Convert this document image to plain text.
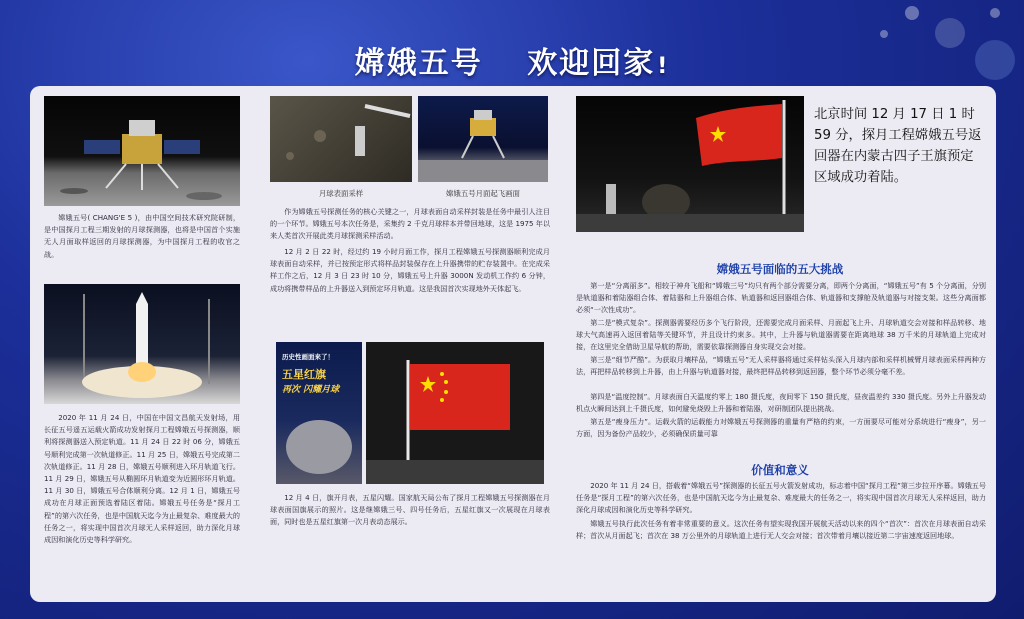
嫦娥五号 欢迎回家!
嫦娥五号( CHANG'E 5 )，由中国空间技术研究院研制，是中国探月工程三期发射的月球探测器，也将是中国首个实施无人月面取样返回的月球探测器，为中国探月工程的收官之战。
2020 年 11 月 24 日，中国在中国文昌航天发射场，用长征五号遥五运载火箭成功发射探月工程嫦娥五号探测器，顺利将探测器送入预定轨道。11 月 24 日 22 时 06 分，嫦娥五号顺利完成第一次轨道修正。11 月 25 日，嫦娥五号完成第二次轨道修正。11 月 28 日，嫦娥五号顺利进入环月轨道飞行。11 月 29 日，嫦娥五号从椭圆环月轨道变为近圆形环月轨道。11 月 30 日，嫦娥五号合体顺利分离。12 月 1 日，嫦娥五号成功在月球正面预选着陆区着陆。嫦娥五号任务是“探月工程”的第六次任务，也是中国航天迄今为止最复杂、难度最大的任务之一，将实现中国首次月球无人采样返回，助力深化月球成因和演化历史等科学研究。
月球表面采样	嫦娥五号月面起飞画面
作为嫦娥五号探测任务的核心关键之一，月球表面自动采样封装是任务中最引人注目的一个环节。嫦娥五号本次任务是，采集约 2 千克月球样本并带回地球，这是 1975 年以来人类首次开展此类月球探测采样活动。
12 月 2 日 22 时，经过约 19 小时月面工作，探月工程嫦娥五号探测器顺利完成月球表面自动采样，并已按预定形式将样品封装保存在上升器携带的贮存装置中。在完成采样工作之后，12 月 3 日 23 时 10 分，嫦娥五号上升器 3000N 发动机工作约 6 分钟，成功将携带样品的上升器送入到预定环月轨道。这是我国首次实现地外天体起飞。
历史性画面来了！
五星红旗
再次 闪耀月球
12 月 4 日，旗开月表，五星闪耀。国家航天局公布了探月工程嫦娥五号探测器在月球表面国旗展示的照片。这是继嫦娥三号、四号任务后，五星红旗又一次展现在月球表面，同时也是五星红旗第一次月表动态展示。
北京时间 12 月 17 日 1 时 59 分，探月工程嫦娥五号返回器在内蒙古四子王旗预定区域成功着陆。
嫦娥五号面临的五大挑战
第一是“分离丽多”。相较于神舟飞船和“嫦娥三号”均只有两个部分需要分离，即两个分离面，“嫦娥五号”有 5 个分离面，分别是轨道器和着陆器组合体、着陆器和上升器组合体、轨道器和返回器组合体、轨道器和支撑舱及轨道器与对接支架。这些分离面都必须“一次性成功”。
第二是“模式复杂”。探测器需要经历多个飞行阶段，还需要完成月面采样、月面起飞上升、月球轨道交会对接和样品转移、地球大气高速再入返回着陆等关键环节，并且设计约束多。其中，上升器与轨道器需要在距离地球 38 万千米的月球轨道上完成对接，在这里完全借助卫星导航的帮助，需要依靠探测器自身实现交会对接。
第三是“细节严酷”。为获取月壤样品，“嫦娥五号”无人采样器将通过采样钻头深入月球内部和采样机械臂月球表面采样两种方法，再把样品转移到上升器，由上升器与轨道器对接，最终把样品转移到返回器，整个环节必须分毫不差。
第四是“温度控制”。月球表面白天温度约零上 180 摄氏度，夜间零下 150 摄氏度，昼夜温差约 330 摄氏度。另外上升器发动机点火瞬间达到上千摄氏度，如何避免烧毁上升器和着陆器，对研制团队提出挑战。
第五是“瘦身压力”。运载火箭的运载能力对嫦娥五号探测器的重量有严格的约束，一方面要尽可能对分系统进行“瘦身”，另一方面，因为备份产品较少，必须确保质量可靠
价值和意义
2020 年 11 月 24 日，搭载着“嫦娥五号”探测器的长征五号火箭发射成功，标志着中国“探月工程”第三步拉开序幕。嫦娥五号任务是“探月工程”的第六次任务，也是中国航天迄今为止最复杂、难度最大的任务之一，将实现中国首次月球无人采样返回，助力深化月球成因和演化历史等科学研究。
嫦娥五号执行此次任务有着非常重要的意义。这次任务有望实现我国开展航天活动以来的四个“首次”：首次在月球表面自动采样；首次从月面起飞；首次在 38 万公里外的月球轨道上进行无人交会对接；首次带着月壤以接近第二宇宙速度返回地球。
